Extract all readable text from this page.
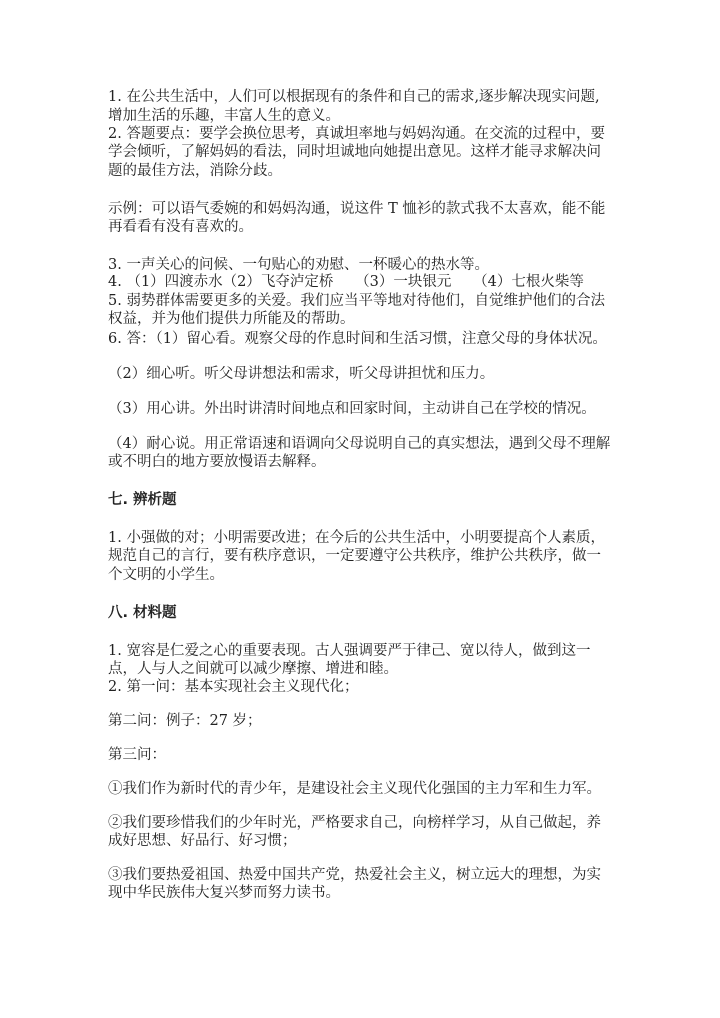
1. 在公共生活中，人们可以根据现有的条件和自己的需求,逐步解决现实问题,
增加生活的乐趣，丰富人生的意义。
2. 答题要点：要学会换位思考，真诚坦率地与妈妈沟通。在交流的过程中，要
学会倾听，了解妈妈的看法，同时坦诚地向她提出意见。这样才能寻求解决问
题的最佳方法，消除分歧。
示例：可以语气委婉的和妈妈沟通，说这件 T 恤衫的款式我不太喜欢，能不能
再看看有没有喜欢的。
3. 一声关心的问候、一句贴心的劝慰、一杯暖心的热水等。
4. （1）四渡赤水（2）飞夺泸定桥　　（3）一块银元　　（4）七根火柴等
5. 弱势群体需要更多的关爱。我们应当平等地对待他们，自觉维护他们的合法
权益，并为他们提供力所能及的帮助。
6. 答：（1）留心看。观察父母的作息时间和生活习惯，注意父母的身体状况。
（2）细心听。听父母讲想法和需求，听父母讲担忧和压力。
（3）用心讲。外出时讲清时间地点和回家时间，主动讲自己在学校的情况。
（4）耐心说。用正常语速和语调向父母说明自己的真实想法，遇到父母不理解
或不明白的地方要放慢语去解释。
七. 辨析题
1. 小强做的对；小明需要改进；在今后的公共生活中，小明要提高个人素质，
规范自己的言行，要有秩序意识，一定要遵守公共秩序，维护公共秩序，做一
个文明的小学生。
八. 材料题
1. 宽容是仁爱之心的重要表现。古人强调要严于律己、宽以待人，做到这一
点，人与人之间就可以减少摩擦、增进和睦。
2. 第一问：基本实现社会主义现代化；
第二问：例子：27 岁；
第三问：
①我们作为新时代的青少年，是建设社会主义现代化强国的主力军和生力军。
②我们要珍惜我们的少年时光，严格要求自己，向榜样学习，从自己做起，养
成好思想、好品行、好习惯；
③我们要热爱祖国、热爱中国共产党，热爱社会主义，树立远大的理想，为实
现中华民族伟大复兴梦而努力读书。
